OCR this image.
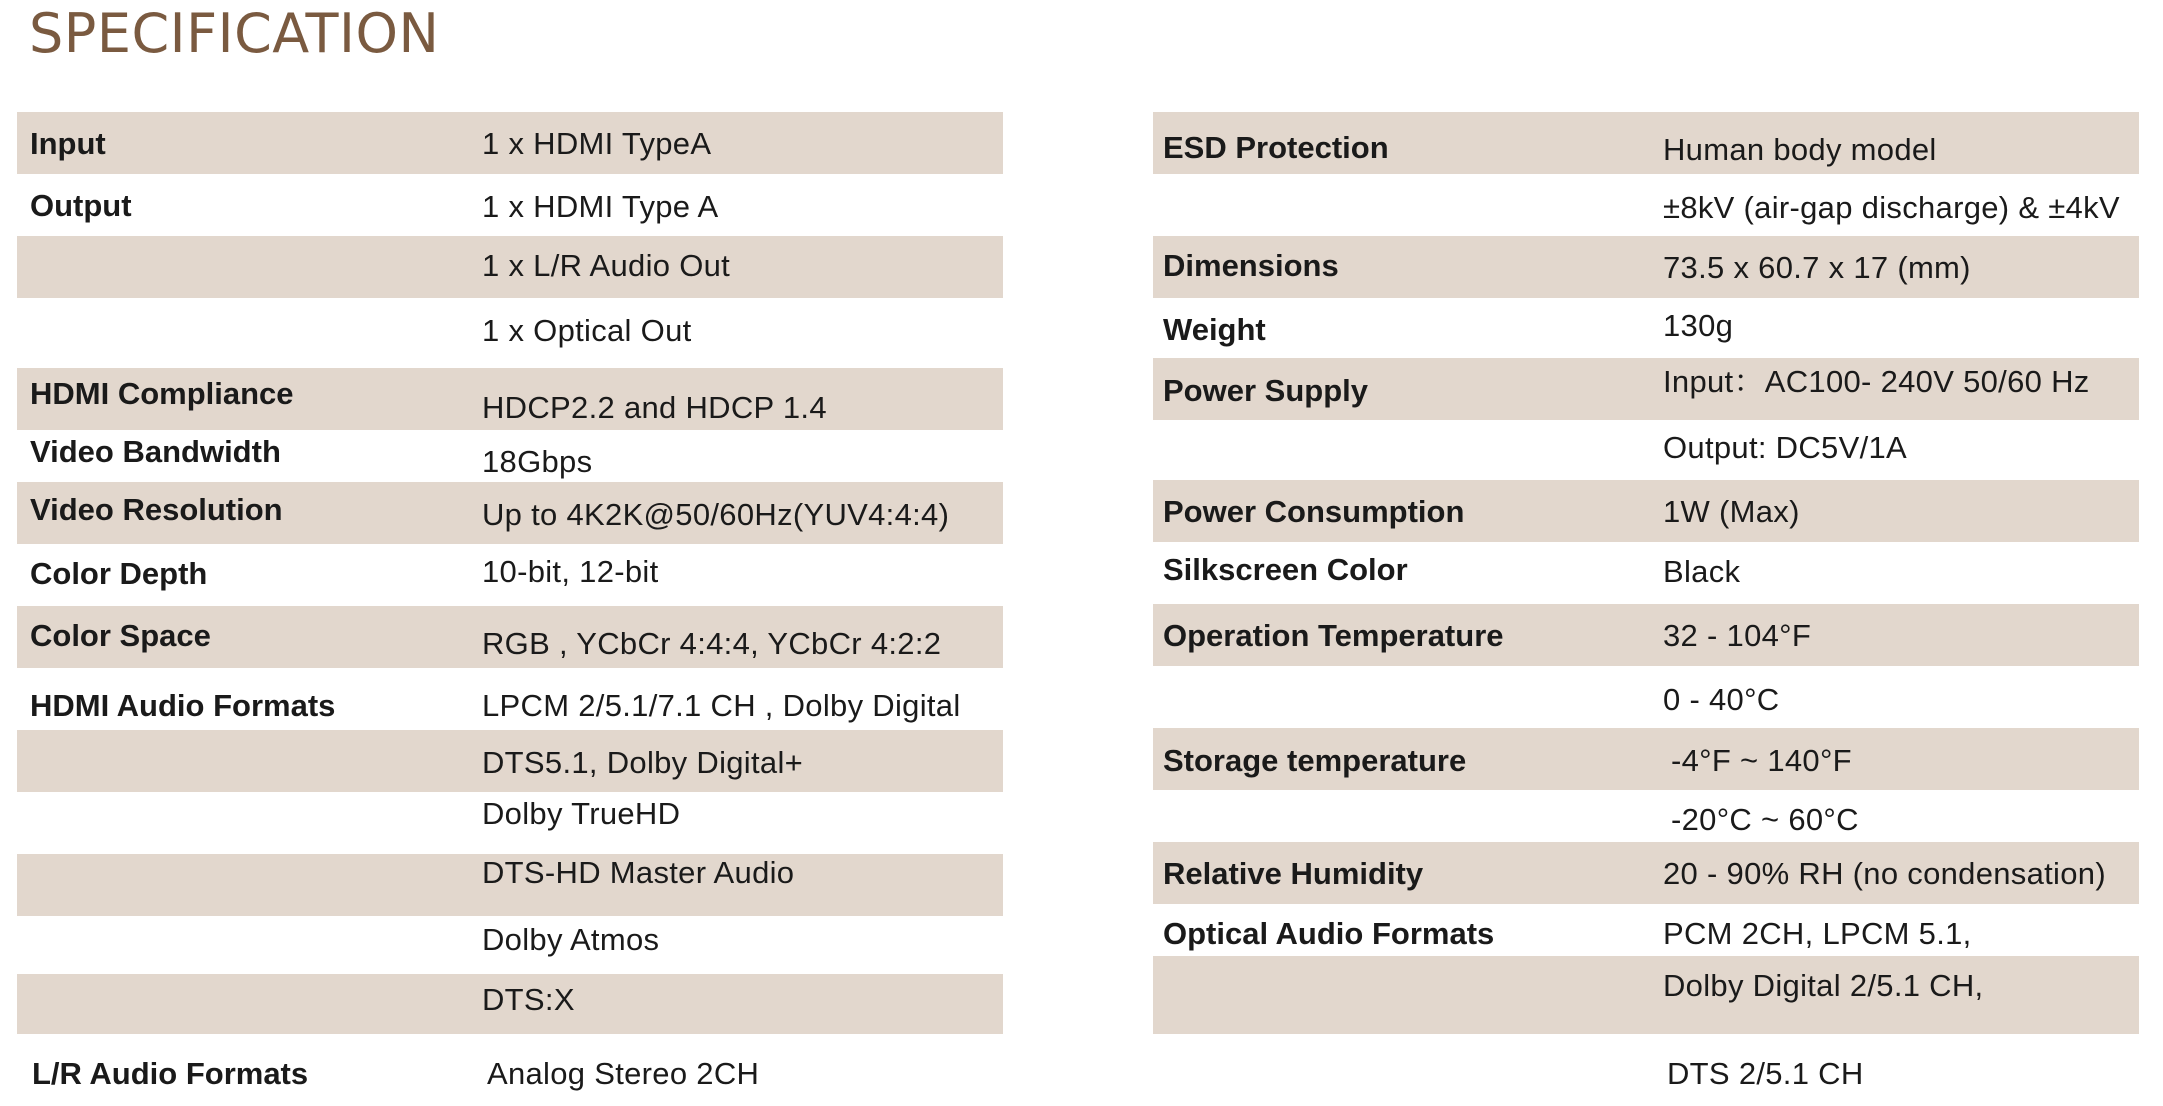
SPECIFICATION
Input	1 x HDMI TypeA
Output	1 x HDMI Type A
1 x L/R Audio Out
1 x Optical Out
HDMI Compliance	HDCP2.2 and HDCP 1.4
Video Bandwidth	18Gbps
Video Resolution	Up to 4K2K@50/60Hz(YUV4:4:4)
Color Depth	10-bit, 12-bit
Color Space	RGB , YCbCr 4:4:4, YCbCr 4:2:2
HDMI Audio Formats	LPCM 2/5.1/7.1 CH , Dolby Digital
DTS5.1, Dolby Digital+
Dolby TrueHD
DTS-HD Master Audio
Dolby Atmos
DTS:X
L/R Audio Formats	Analog Stereo 2CH
ESD Protection	Human body model
±8kV (air-gap discharge) & ±4kV
Dimensions	73.5 x 60.7 x 17 (mm)
Weight	130g
Power Supply	Input：AC100- 240V 50/60 Hz
Output: DC5V/1A
Power Consumption	1W (Max)
Silkscreen Color	Black
Operation Temperature	32 - 104°F
0 - 40°C
Storage temperature	-4°F ~ 140°F
-20°C ~ 60°C
Relative Humidity	20 - 90% RH (no condensation)
Optical Audio Formats	PCM 2CH, LPCM 5.1,
Dolby Digital 2/5.1 CH,
DTS 2/5.1 CH
